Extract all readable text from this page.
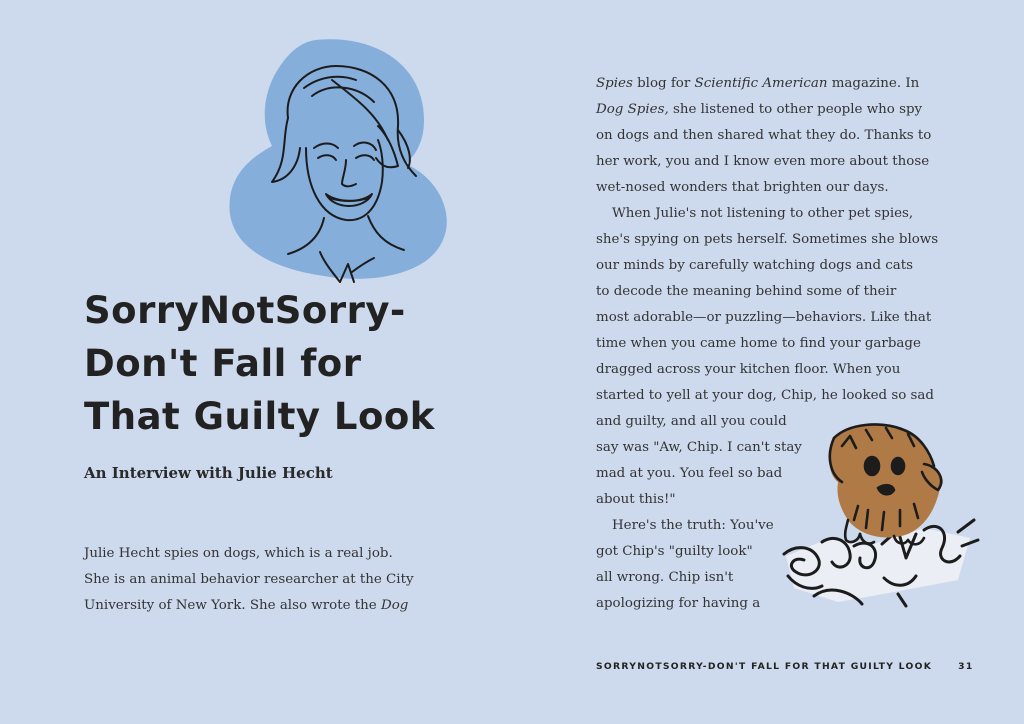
SorryNotSorry-
Don't Fall for
That Guilty Look
An Interview with Julie Hecht
Julie Hecht spies on dogs, which is a real job.
She is an animal behavior researcher at the City
University of New York. She also wrote the Dog
Spies blog for Scientific American magazine. In
Dog Spies, she listened to other people who spy
on dogs and then shared what they do. Thanks to
her work, you and I know even more about those
wet-nosed wonders that brighten our days.
When Julie's not listening to other pet spies,
she's spying on pets herself. Sometimes she blows
our minds by carefully watching dogs and cats
to decode the meaning behind some of their
most adorable—or puzzling—behaviors. Like that
time when you came home to find your garbage
dragged across your kitchen floor. When you
started to yell at your dog, Chip, he looked so sad
and guilty, and all you could
say was "Aw, Chip. I can't stay
mad at you. You feel so bad
about this!"
Here's the truth: You've
got Chip's "guilty look"
all wrong. Chip isn't
apologizing for having a
SORRYNOTSORRY-DON'T FALL FOR THAT GUILTY LOOK	31
